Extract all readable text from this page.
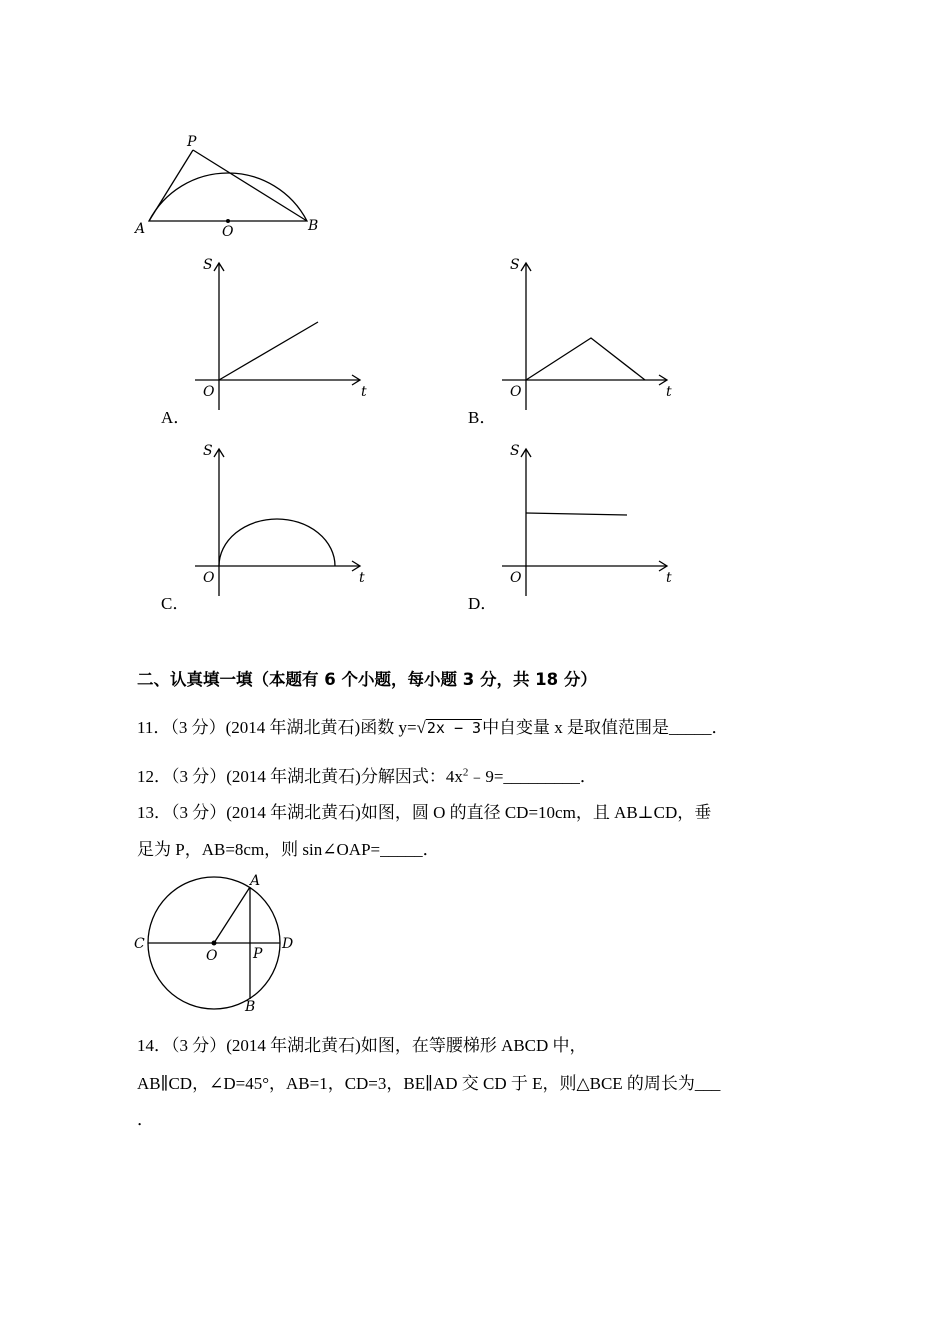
P
A	O	B
S
O	t
A．
S
O	t
B．
S
O	t
C．
S
O	t
D．
二、认真填一填（本题有 6 个小题，每小题 3 分，共 18 分）
11．（3 分）(2014 年湖北黄石)函数 y=√2x − 3中自变量 x 是取值范围是_____．
12．（3 分）(2014 年湖北黄石)分解因式：$4x^2﹣9=\_\_\_\_\_\_\_\_\_$．
13．（3 分）(2014 年湖北黄石)如图，圆 O 的直径 CD=10cm，且 AB⊥CD，垂
足为 P，AB=8cm，则 sin∠OAP=_____．
A
C
O	P
D
B
14．（3 分）(2014 年湖北黄石)如图，在等腰梯形 ABCD 中，
AB∥CD，∠D=45°，AB=1，CD=3，BE∥AD 交 CD 于 E，则△BCE 的周长为___
．
